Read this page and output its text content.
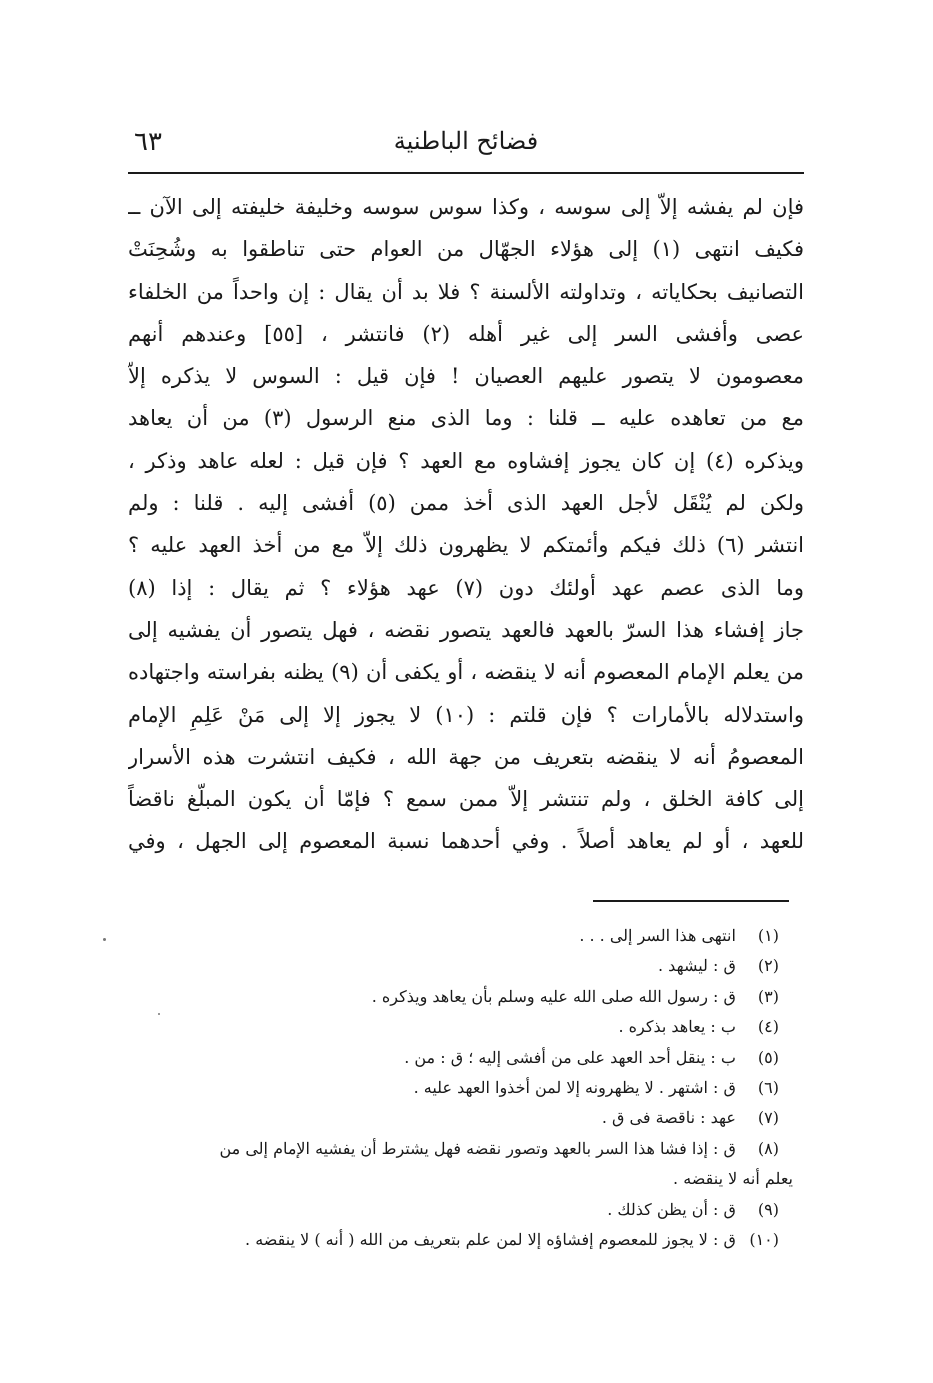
٦٣	فضائح الباطنية
فإن لم يفشه إلاّ إلى سوسه ، وكذا سوس سوسه وخليفة خليفته إلى الآن ــ
فكيف انتهى (١) إلى هؤلاء الجهّال من العوام حتى تناطقوا به وشُحِنَتْ
التصانيف بحكاياته ، وتداولته الألسنة ؟ فلا بد أن يقال : إن واحداً من الخلفاء
عصى وأفشى السر إلى غير أهله (٢) فانتشر ، [٥٥] وعندهم أنهم
معصومون لا يتصور عليهم العصيان ! فإن قيل : السوس لا يذكره إلاّ
مع من تعاهده عليه ــ قلنا : وما الذى منع الرسول (٣) من أن يعاهد
ويذكره (٤) إن كان يجوز إفشاوه مع العهد ؟ فإن قيل : لعله عاهد وذكر ،
ولكن لم يُنْقَل لأجل العهد الذى أخذ ممن (٥) أفشى إليه . قلنا : ولم
انتشر (٦) ذلك فيكم وأئمتكم لا يظهرون ذلك إلاّ مع من أخذ العهد عليه ؟
وما الذى عصم عهد أولئك دون (٧) عهد هؤلاء ؟ ثم يقال : إذا (٨)
جاز إفشاء هذا السرّ بالعهد فالعهد يتصور نقضه ، فهل يتصور أن يفشيه إلى
من يعلم الإمام المعصوم أنه لا ينقضه ، أو يكفى أن (٩) يظنه بفراسته واجتهاده
واستدلاله بالأمارات ؟ فإن قلتم : (١٠) لا يجوز إلا إلى مَنْ عَلِمِ الإمام
المعصومُ أنه لا ينقضه بتعريف من جهة الله ، فكيف انتشرت هذه الأسرار
إلى كافة الخلق ، ولم تنتشر إلاّ ممن سمع ؟ فإمّا أن يكون المبلّغ ناقضاً
للعهد ، أو لم يعاهد أصلاً . وفي أحدهما نسبة المعصوم إلى الجهل ، وفي
(١) انتهى هذا السر إلى . . .
(٢) ق : ليشهد .
(٣) ق : رسول الله صلى الله عليه وسلم بأن يعاهد ويذكره .
(٤) ب : يعاهد بذكره .
(٥) ب : ينقل أحد العهد على من أفشى إليه ؛ ق : من .
(٦) ق : اشتهر . لا يظهرونه إلا لمن أخذوا العهد عليه .
(٧) عهد : ناقصة فى ق .
(٨) ق : إذا فشا هذا السر بالعهد وتصور نقضه فهل يشترط أن يفشيه الإمام إلى من
يعلم أنه لا ينقضه .
(٩) ق : أن يظن كذلك .
(١٠) ق : لا يجوز للمعصوم إفشاؤه إلا لمن علم بتعريف من الله ( أنه ) لا ينقضه .
